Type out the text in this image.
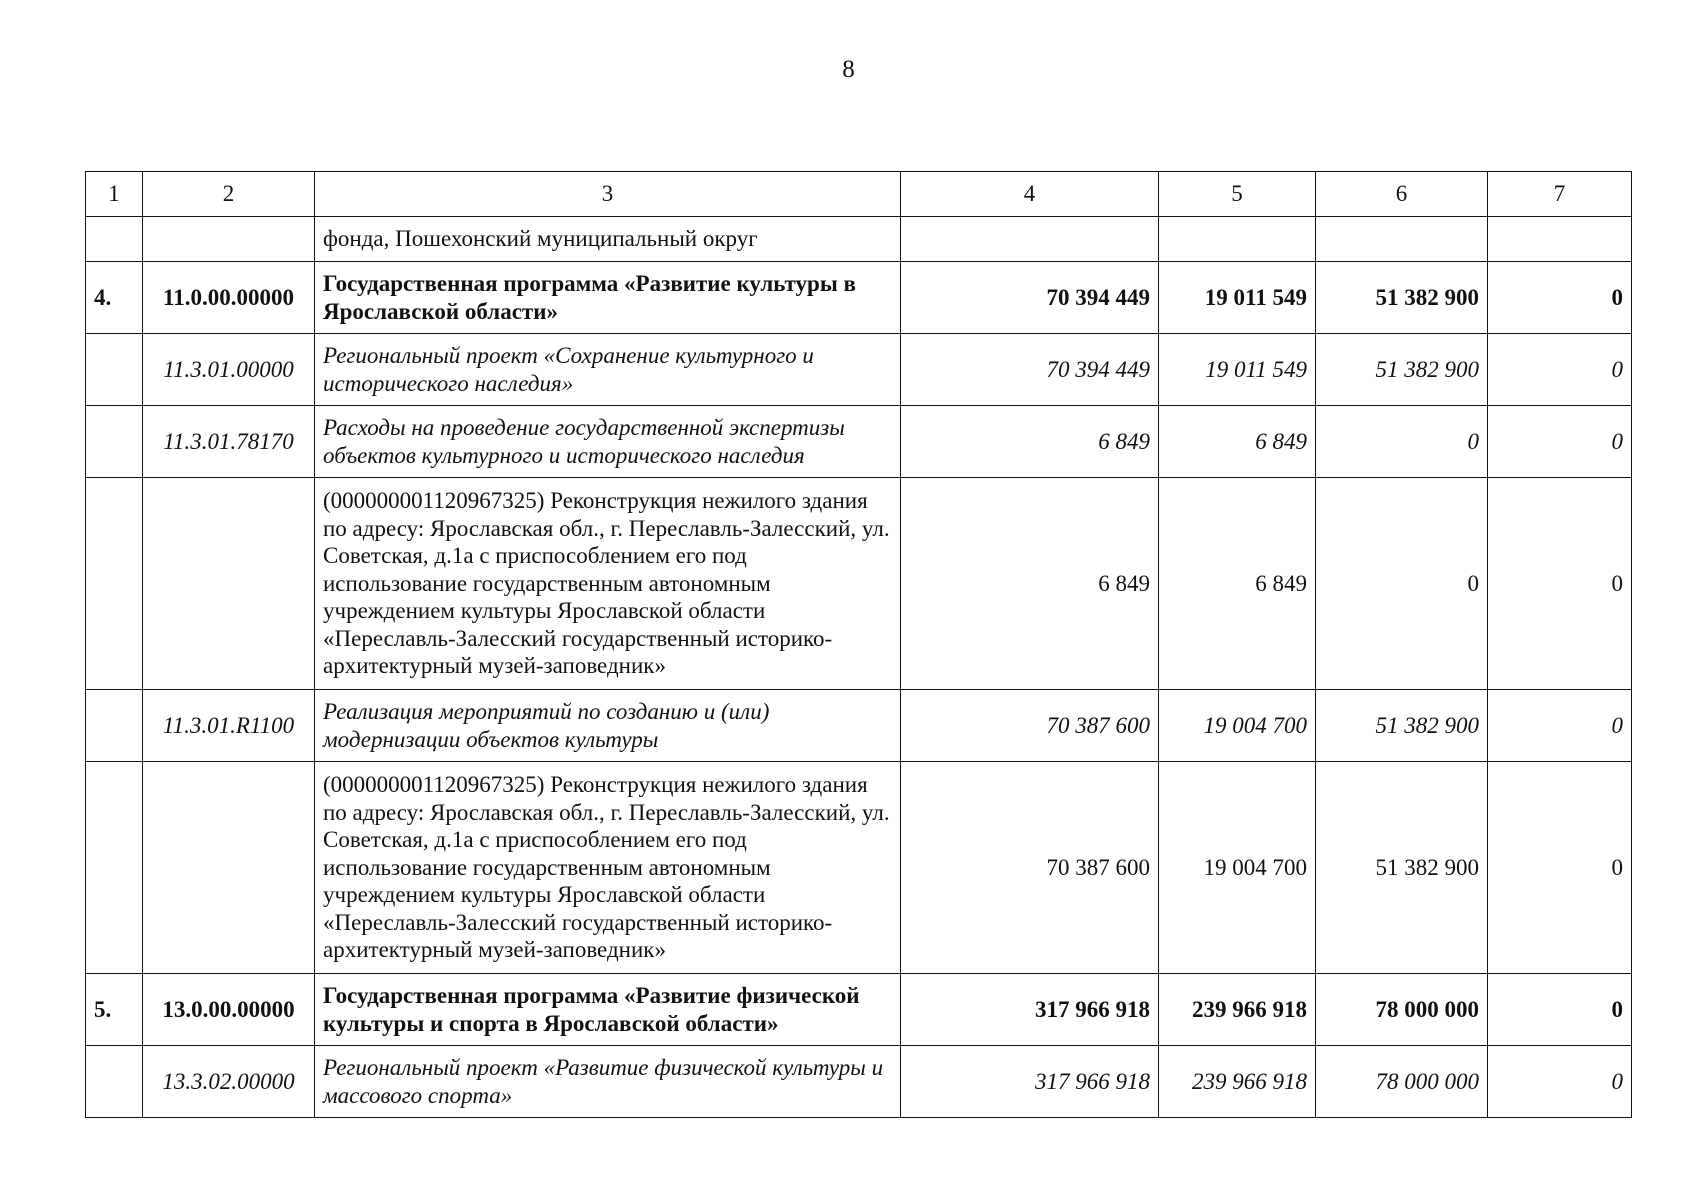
8
1	2	3	4	5	6	7
		фонда, Пошехонский муниципальный округ				
4.	11.0.00.00000	Государственная программа «Развитие культуры в Ярославской области»	70 394 449	19 011 549	51 382 900	0
	11.3.01.00000	Региональный проект «Сохранение культурного и исторического наследия»	70 394 449	19 011 549	51 382 900	0
	11.3.01.78170	Расходы на проведение государственной экспертизы объектов культурного и исторического наследия	6 849	6 849	0	0
		(000000001120967325) Реконструкция нежилого здания по адресу: Ярославская обл., г. Переславль-Залесский, ул. Советская, д.1а с приспособлением его под использование государственным автономным учреждением культуры Ярославской области «Переславль-Залесский государственный историко-архитектурный музей-заповедник»	6 849	6 849	0	0
	11.3.01.R1100	Реализация мероприятий по созданию и (или) модернизации объектов культуры	70 387 600	19 004 700	51 382 900	0
		(000000001120967325) Реконструкция нежилого здания по адресу: Ярославская обл., г. Переславль-Залесский, ул. Советская, д.1а с приспособлением его под использование государственным автономным учреждением культуры Ярославской области «Переславль-Залесский государственный историко-архитектурный музей-заповедник»	70 387 600	19 004 700	51 382 900	0
5.	13.0.00.00000	Государственная программа «Развитие физической культуры и спорта в Ярославской области»	317 966 918	239 966 918	78 000 000	0
	13.3.02.00000	Региональный проект «Развитие физической культуры и массового спорта»	317 966 918	239 966 918	78 000 000	0
